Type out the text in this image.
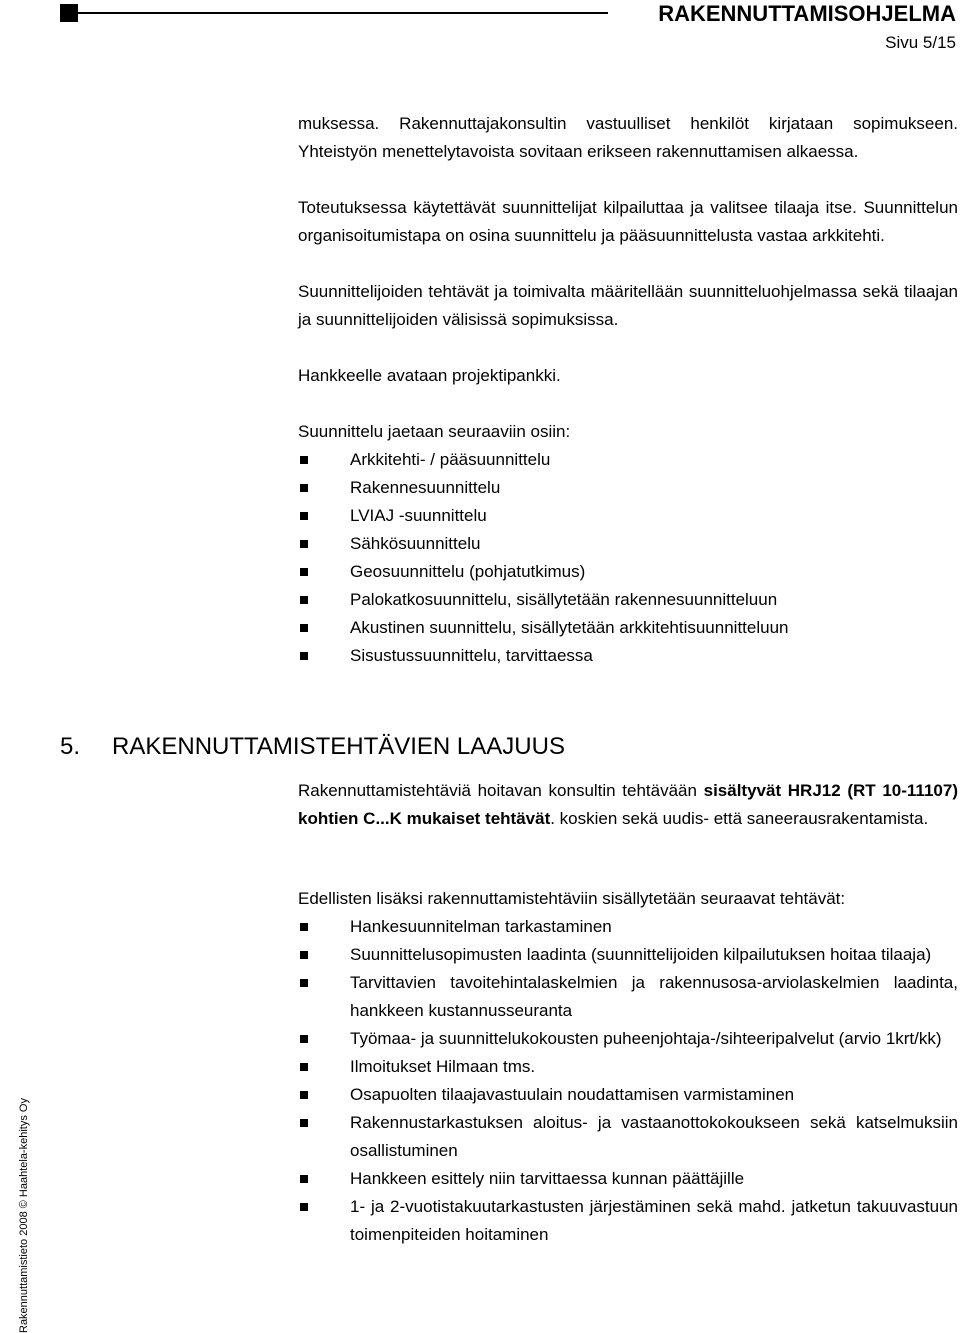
RAKENNUTTAMISOHJELMA
Sivu 5/15
Rakennuttamistieto 2008 © Haahtela-kehitys Oy

muksessa. Rakennuttajakonsultin vastuulliset henkilöt kirjataan sopimukseen. Yhteistyön menettelytavoista sovitaan erikseen rakennuttamisen alkaessa.

Toteutuksessa käytettävät suunnittelijat kilpailuttaa ja valitsee tilaaja itse. Suunnittelun organisoitumistapa on osina suunnittelu ja pääsuunnittelusta vastaa arkkitehti.

Suunnittelijoiden tehtävät ja toimivalta määritellään suunnitteluohjelmassa sekä tilaajan ja suunnittelijoiden välisissä sopimuksissa.

Hankkeelle avataan projektipankki.

Suunnittelu jaetaan seuraaviin osiin:

Arkkitehti- / pääsuunnittelu
Rakennesuunnittelu
LVIAJ -suunnittelu
Sähkösuunnittelu
Geosuunnittelu (pohjatutkimus)
Palokatkosuunnittelu, sisällytetään rakennesuunnitteluun
Akustinen suunnittelu, sisällytetään arkkitehtisuunnitteluun
Sisustussuunnittelu, tarvittaessa
5. RAKENNUTTAMISTEHTÄVIEN LAAJUUS

Rakennuttamistehtäviä hoitavan konsultin tehtävään sisältyvät HRJ12 (RT 10-11107) kohtien C...K mukaiset tehtävät. koskien sekä uudis- että saneerausrakentamista.

Edellisten lisäksi rakennuttamistehtäviin sisällytetään seuraavat tehtävät:

Hankesuunnitelman tarkastaminen
Suunnittelusopimusten laadinta (suunnittelijoiden kilpailutuksen hoitaa tilaaja)
Tarvittavien tavoitehintalaskelmien ja rakennusosa-arviolaskelmien laadinta, hankkeen kustannusseuranta
Työmaa- ja suunnittelukokousten puheenjohtaja-/sihteeripalvelut (arvio 1krt/kk)
Ilmoitukset Hilmaan tms.
Osapuolten tilaajavastuulain noudattamisen varmistaminen
Rakennustarkastuksen aloitus- ja vastaanottokokoukseen sekä katselmuksiin osallistuminen
Hankkeen esittely niin tarvittaessa kunnan päättäjille
1- ja 2-vuotistakuutarkastusten järjestäminen sekä mahd. jatketun takuuvastuun toimenpiteiden hoitaminen
